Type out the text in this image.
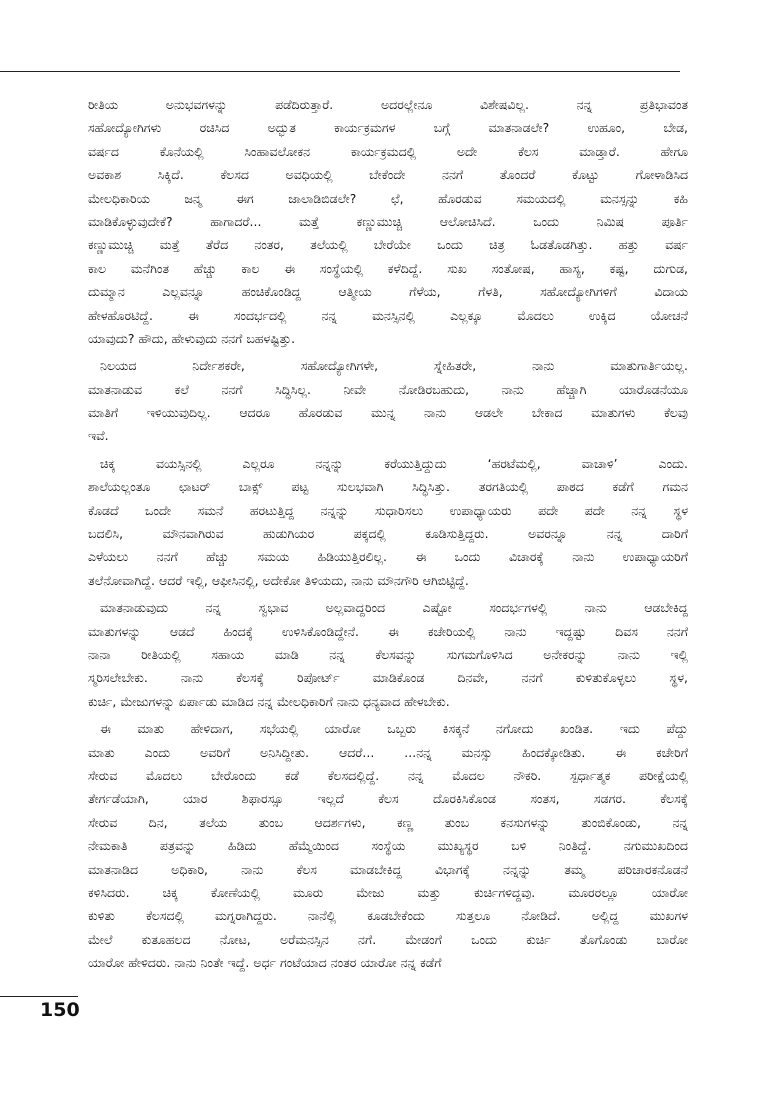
ರೀತಿಯ ಅನುಭವಗಳನ್ನು ಪಡೆದಿರುತ್ತಾರೆ. ಅದರಲ್ಲೇನೂ ವಿಶೇಷವಿಲ್ಲ. ನನ್ನ ಪ್ರತಿಭಾವಂತ
ಸಹೋದ್ಯೋಗಿಗಳು ರಚಿಸಿದ ಅದ್ಭುತ ಕಾರ್ಯಕ್ರಮಗಳ ಬಗ್ಗೆ ಮಾತನಾಡಲೇ? ಉಹೂಂ, ಬೇಡ,
ವರ್ಷದ ಕೊನೆಯಲ್ಲಿ ಸಿಂಹಾವಲೋಕನ ಕಾರ್ಯಕ್ರಮದಲ್ಲಿ ಅದೇ ಕೆಲಸ ಮಾಡ್ತಾರೆ. ಹೇಗೂ
ಅವಕಾಶ ಸಿಕ್ಕಿದೆ. ಕೆಲಸದ ಅವಧಿಯಲ್ಲಿ ಬೇಕೆಂದೇ ನನಗೆ ತೊಂದರೆ ಕೊಟ್ಟು ಗೋಳಾಡಿಸಿದ
ಮೇಲಧಿಕಾರಿಯ ಜನ್ಮ ಈಗ ಜಾಲಾಡಿಬಿಡಲೇ? ಛೆ, ಹೊರಡುವ ಸಮಯದಲ್ಲಿ ಮನಸ್ಸನ್ನು ಕಹಿ
ಮಾಡಿಕೊಳ್ಳುವುದೇಕೆ? ಹಾಗಾದರೆ... ಮತ್ತೆ ಕಣ್ಣುಮುಚ್ಚಿ ಆಲೋಚಿಸಿದೆ. ಒಂದು ನಿಮಿಷ ಪೂರ್ತಿ
ಕಣ್ಣುಮುಚ್ಚಿ ಮತ್ತೆ ತೆರೆದ ನಂತರ, ತಲೆಯಲ್ಲಿ ಬೇರೆಯೇ ಒಂದು ಚಿತ್ರ ಓಡತೊಡಗಿತ್ತು. ಹತ್ತು ವರ್ಷ
ಕಾಲ ಮನೆಗಿಂತ ಹೆಚ್ಚು ಕಾಲ ಈ ಸಂಸ್ಥೆಯಲ್ಲಿ ಕಳೆದಿದ್ದೆ. ಸುಖ ಸಂತೋಷ, ಹಾಸ್ಯ, ಕಷ್ಟ, ದುಗುಡ,
ದುಮ್ಮಾನ ಎಲ್ಲವನ್ನೂ ಹಂಚಿಕೊಂಡಿದ್ದ ಆತ್ಮೀಯ ಗೆಳೆಯ, ಗೆಳತಿ, ಸಹೋದ್ಯೋಗಿಗಳಿಗೆ ವಿದಾಯ
ಹೇಳಹೊರಟಿದ್ದೆ. ಈ ಸಂದರ್ಭದಲ್ಲಿ ನನ್ನ ಮನಸ್ಸಿನಲ್ಲಿ ಎಲ್ಲಕ್ಕೂ ಮೊದಲು ಉಕ್ಕಿದ ಯೋಚನೆ
ಯಾವುದು? ಹೌದು, ಹೇಳುವುದು ನನಗೆ ಬಹಳಷ್ಟಿತ್ತು.
ನಿಲಯದ ನಿರ್ದೇಶಕರೇ, ಸಹೋದ್ಯೋಗಿಗಳೇ, ಸ್ನೇಹಿತರೇ, ನಾನು ಮಾತುಗಾರ್ತಿಯಲ್ಲ.
ಮಾತನಾಡುವ ಕಲೆ ನನಗೆ ಸಿದ್ಧಿಸಿಲ್ಲ. ನೀವೇ ನೋಡಿರಬಹುದು, ನಾನು ಹೆಚ್ಚಾಗಿ ಯಾರೊಡನೆಯೂ
ಮಾತಿಗೆ ಇಳಿಯುವುದಿಲ್ಲ. ಆದರೂ ಹೊರಡುವ ಮುನ್ನ ನಾನು ಆಡಲೇ ಬೇಕಾದ ಮಾತುಗಳು ಕೆಲವು
ಇವೆ.
ಚಿಕ್ಕ ವಯಸ್ಸಿನಲ್ಲಿ ಎಲ್ಲರೂ ನನ್ನನ್ನು ಕರೆಯುತ್ತಿದ್ದುದು ‘ಹರಟೆಮಲ್ಲಿ, ವಾಚಾಳಿ’ ಎಂದು.
ಶಾಲೆಯಲ್ಲಂತೂ ಛಾಟರ್ ಬಾಕ್ಸ್ ಪಟ್ಟ ಸುಲಭವಾಗಿ ಸಿದ್ಧಿಸಿತ್ತು. ತರಗತಿಯಲ್ಲಿ ಪಾಠದ ಕಡೆಗೆ ಗಮನ
ಕೊಡದೆ ಒಂದೇ ಸಮನೆ ಹರಟುತ್ತಿದ್ದ ನನ್ನನ್ನು ಸುಧಾರಿಸಲು ಉಪಾಧ್ಯಾಯರು ಪದೇ ಪದೇ ನನ್ನ ಸ್ಥಳ
ಬದಲಿಸಿ, ಮೌನವಾಗಿರುವ ಹುಡುಗಿಯರ ಪಕ್ಕದಲ್ಲಿ ಕೂಡಿಸುತ್ತಿದ್ದರು. ಅವರನ್ನೂ ನನ್ನ ದಾರಿಗೆ
ಎಳೆಯಲು ನನಗೆ ಹೆಚ್ಚು ಸಮಯ ಹಿಡಿಯುತ್ತಿರಲಿಲ್ಲ. ಈ ಒಂದು ವಿಚಾರಕ್ಕೆ ನಾನು ಉಪಾಧ್ಯಾಯರಿಗೆ
ತಲೆನೋವಾಗಿದ್ದೆ. ಆದರೆ ಇಲ್ಲಿ, ಆಫೀಸಿನಲ್ಲಿ, ಅದೇಕೋ ತಿಳಿಯದು, ನಾನು ಮೌನಗೌರಿ ಆಗಿಬಿಟ್ಟಿದ್ದೆ.
ಮಾತನಾಡುವುದು ನನ್ನ ಸ್ವಭಾವ ಅಲ್ಲವಾದ್ದರಿಂದ ಎಷ್ಟೋ ಸಂದರ್ಭಗಳಲ್ಲಿ ನಾನು ಆಡಬೇಕಿದ್ದ
ಮಾತುಗಳನ್ನು ಆಡದೆ ಹಿಂದಕ್ಕೆ ಉಳಿಸಿಕೊಂಡಿದ್ದೇನೆ. ಈ ಕಚೇರಿಯಲ್ಲಿ ನಾನು ಇದ್ದಷ್ಟು ದಿವಸ ನನಗೆ
ನಾನಾ ರೀತಿಯಲ್ಲಿ ಸಹಾಯ ಮಾಡಿ ನನ್ನ ಕೆಲಸವನ್ನು ಸುಗಮಗೊಳಿಸಿದ ಅನೇಕರನ್ನು ನಾನು ಇಲ್ಲಿ
ಸ್ಮರಿಸಲೇಬೇಕು. ನಾನು ಕೆಲಸಕ್ಕೆ ರಿಪೋರ್ಟ್ ಮಾಡಿಕೊಂಡ ದಿನವೇ, ನನಗೆ ಕುಳಿತುಕೊಳ್ಳಲು ಸ್ಥಳ,
ಕುರ್ಚಿ, ಮೇಜುಗಳನ್ನು ಏರ್ಪಾಡು ಮಾಡಿದ ನನ್ನ ಮೇಲಧಿಕಾರಿಗೆ ನಾನು ಧನ್ಯವಾದ ಹೇಳಬೇಕು.
ಈ ಮಾತು ಹೇಳಿದಾಗ, ಸಭೆಯಲ್ಲಿ ಯಾರೋ ಒಬ್ಬರು ಕಿಸಕ್ಕನೆ ನಗೋದು ಖಂಡಿತ. ಇದು ಪೆದ್ದು
ಮಾತು ಎಂದು ಅವರಿಗೆ ಅನಿಸಿದ್ದೀತು. ಆದರೆ... ...ನನ್ನ ಮನಸ್ಸು ಹಿಂದಕ್ಕೋಡಿತು. ಈ ಕಚೇರಿಗೆ
ಸೇರುವ ಮೊದಲು ಬೇರೊಂದು ಕಡೆ ಕೆಲಸದಲ್ಲಿದ್ದೆ. ನನ್ನ ಮೊದಲ ನೌಕರಿ. ಸ್ಪರ್ಧಾತ್ಮಕ ಪರೀಕ್ಷೆಯಲ್ಲಿ
ತೇರ್ಗಡೆಯಾಗಿ, ಯಾರ ಶಿಫಾರಸ್ಸೂ ಇಲ್ಲದೆ ಕೆಲಸ ದೊರಕಿಸಿಕೊಂಡ ಸಂತಸ, ಸಡಗರ. ಕೆಲಸಕ್ಕೆ
ಸೇರುವ ದಿನ, ತಲೆಯ ತುಂಬ ಆದರ್ಶಗಳು, ಕಣ್ಣ ತುಂಬ ಕನಸುಗಳನ್ನು ತುಂಬಿಕೊಂಡು, ನನ್ನ
ನೇಮಕಾತಿ ಪತ್ರವನ್ನು ಹಿಡಿದು ಹೆಮ್ಮೆಯಿಂದ ಸಂಸ್ಥೆಯ ಮುಖ್ಯಸ್ಥರ ಬಳಿ ನಿಂತಿದ್ದೆ. ನಗುಮುಖದಿಂದ
ಮಾತನಾಡಿದ ಅಧಿಕಾರಿ, ನಾನು ಕೆಲಸ ಮಾಡಬೇಕಿದ್ದ ವಿಭಾಗಕ್ಕೆ ನನ್ನನ್ನು ತಮ್ಮ ಪರಿಚಾರಕನೊಡನೆ
ಕಳಿಸಿದರು. ಚಿಕ್ಕ ಕೋಣೆಯಲ್ಲಿ ಮೂರು ಮೇಜು ಮತ್ತು ಕುರ್ಚಿಗಳಿದ್ದವು. ಮೂರರಲ್ಲೂ ಯಾರೋ
ಕುಳಿತು ಕೆಲಸದಲ್ಲಿ ಮಗ್ನರಾಗಿದ್ದರು. ನಾನೆಲ್ಲಿ ಕೂಡಬೇಕೆಂದು ಸುತ್ತಲೂ ನೋಡಿದೆ. ಅಲ್ಲಿದ್ದ ಮುಖಗಳ
ಮೇಲೆ ಕುತೂಹಲದ ನೋಟ, ಅರೆಮನಸ್ಸಿನ ನಗೆ. ಮೇಡಂಗೆ ಒಂದು ಕುರ್ಚಿ ತೊಗೊಂಡು ಬಾರೋ
ಯಾರೋ ಹೇಳಿದರು. ನಾನು ನಿಂತೇ ಇದ್ದೆ. ಅರ್ಧ ಗಂಟೆಯಾದ ನಂತರ ಯಾರೋ ನನ್ನ ಕಡೆಗೆ
150
